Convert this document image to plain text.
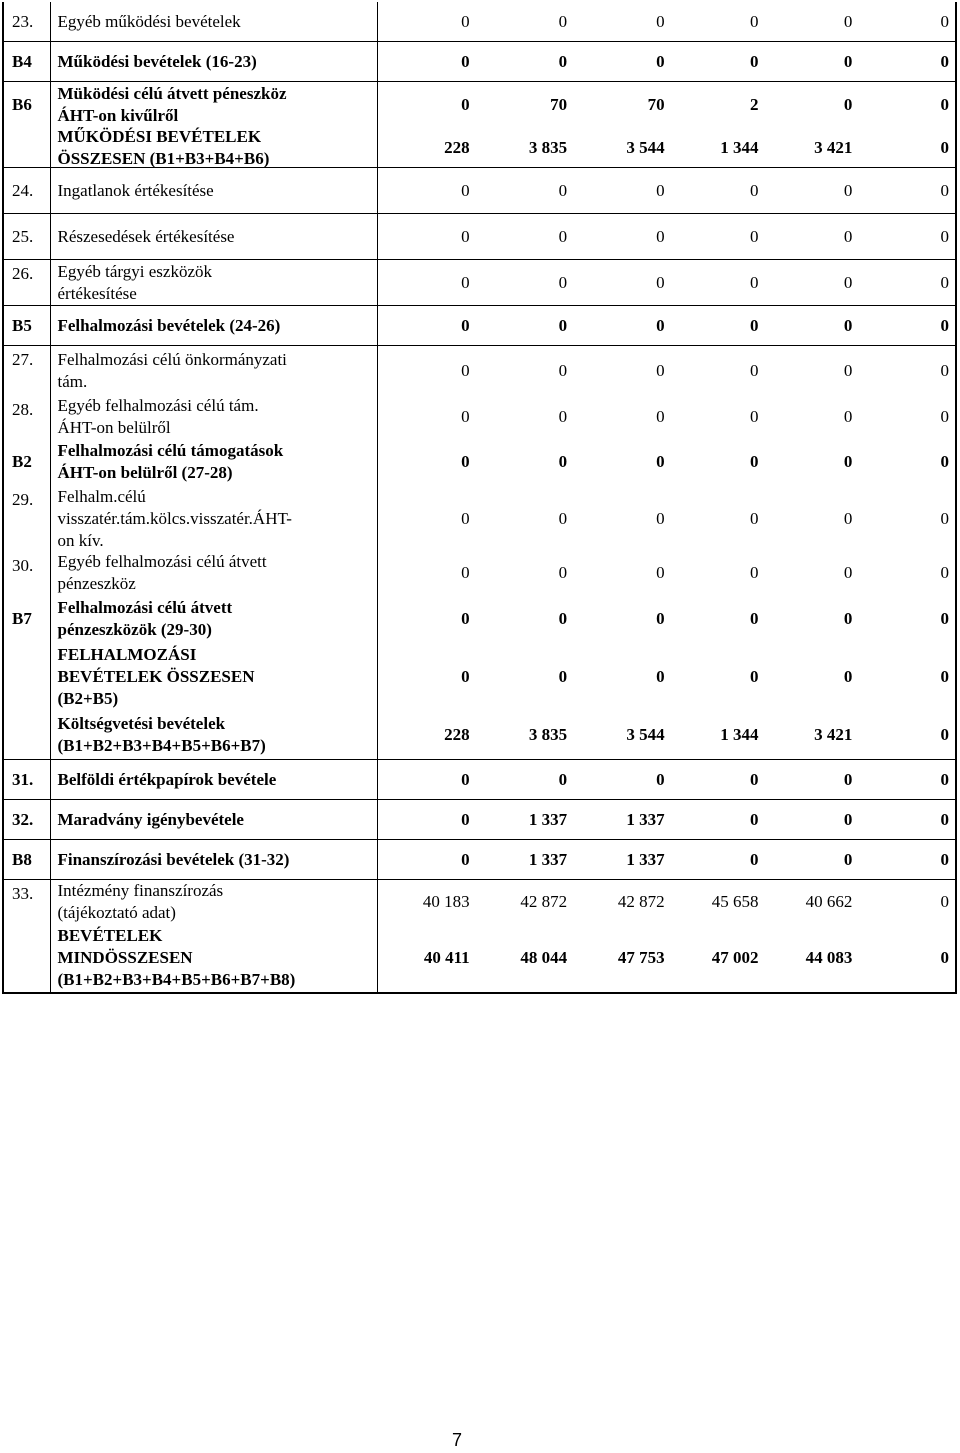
23.	Egyéb működési bevételek	0	0	0	0	0	0
B4	Működési bevételek (16-23)	0	0	0	0	0	0
B6
Müködési célú átvett péneszköz
ÁHT-on kivűlről
0	70	70	2	0	0
MŰKÖDÉSI BEVÉTELEK
ÖSSZESEN (B1+B3+B4+B6)
228	3 835	3 544	1 344	3 421	0
24.	Ingatlanok értékesítése	0	0	0	0	0	0
25.	Részesedések értékesítése	0	0	0	0	0	0
26.	Egyéb tárgyi eszközök
értékesítése
0	0	0	0	0	0
B5	Felhalmozási bevételek (24-26)	0	0	0	0	0	0
27.	Felhalmozási célú önkormányzati
tám.
0	0	0	0	0	0
28.	Egyéb felhalmozási célú tám.
ÁHT-on belülről
0	0	0	0	0	0
B2
Felhalmozási célú támogatások
ÁHT-on belülről (27-28)
0	0	0	0	0	0
29.	Felhalm.célú
visszatér.tám.kölcs.visszatér.ÁHT-
on kív.
0	0	0	0	0	0
30.	Egyéb felhalmozási célú átvett
pénzeszköz
0	0	0	0	0	0
B7
Felhalmozási célú átvett
pénzeszközök (29-30)
0	0	0	0	0	0
FELHALMOZÁSI
BEVÉTELEK ÖSSZESEN
(B2+B5)
0	0	0	0	0	0
Költségvetési bevételek
(B1+B2+B3+B4+B5+B6+B7)
228	3 835	3 544	1 344	3 421	0
31.	Belföldi értékpapírok bevétele	0	0	0	0	0	0
32.	Maradvány igénybevétele	0	1 337	1 337	0	0	0
B8	Finanszírozási bevételek (31-32)	0	1 337	1 337	0	0	0
33.	Intézmény finanszírozás
(tájékoztató adat)
40 183	42 872	42 872	45 658	40 662	0
BEVÉTELEK
MINDÖSSZESEN
(B1+B2+B3+B4+B5+B6+B7+B8)
40 411	48 044	47 753	47 002	44 083	0
7
